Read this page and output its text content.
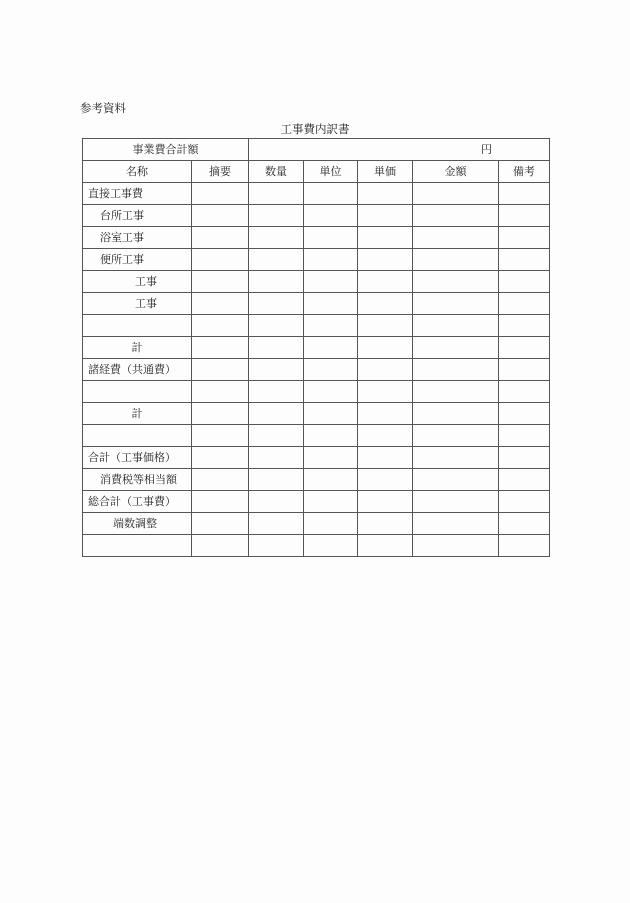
参考資料
工事費内訳書
事業費合計額		円				
名称	摘要	数量	単位	単価	金額	備考
直接工事費						
台所工事						
浴室工事						
便所工事						
工事						
工事						

計						
諸経費（共通費）						

計						

合計（工事価格）						
消費税等相当額						
総合計（工事費）						
端数調整						
